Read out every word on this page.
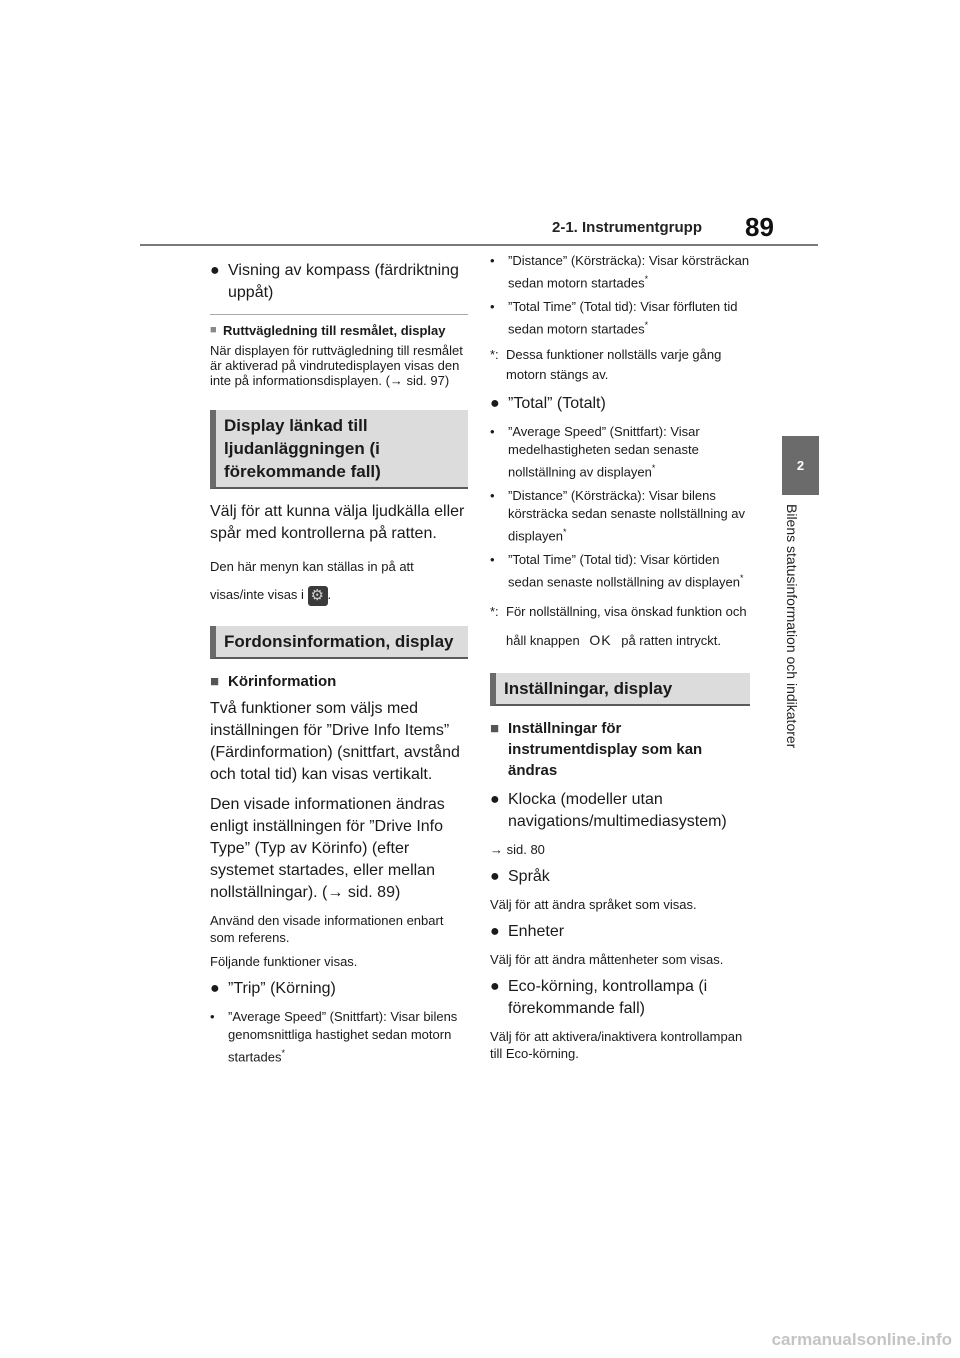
2-1. Instrumentgrupp 89
2
Bilens statusinformation och indikatorer
● Visning av kompass (färdriktning uppåt)
■ Ruttvägledning till resmålet, display

När displayen för ruttvägledning till resmålet är aktiverad på vindrutedisplayen visas den inte på informationsdisplayen. (→ sid. 97)

Display länkad till ljudanläggningen (i förekommande fall)

Välj för att kunna välja ljudkälla eller spår med kontrollerna på ratten.

Den här menyn kan ställas in på att visas/inte visas i ⚙ .

Fordonsinformation, display
■ Körinformation

Två funktioner som väljs med inställningen för ”Drive Info Items” (Färdinformation) (snittfart, avstånd och total tid) kan visas vertikalt.

Den visade informationen ändras enligt inställningen för ”Drive Info Type” (Typ av Körinfo) (efter systemet startades, eller mellan nollställningar). (→ sid. 89)

Använd den visade informationen enbart som referens.

Följande funktioner visas.

● ”Trip” (Körning)
•	”Average Speed” (Snittfart): Visar bilens genomsnittliga hastighet sedan motorn startades*
•	”Distance” (Körsträcka): Visar körsträckan sedan motorn startades*
•	”Total Time” (Total tid): Visar förfluten tid sedan motorn startades*
*: Dessa funktioner nollställs varje gång motorn stängs av.
● ”Total” (Totalt)
•	”Average Speed” (Snittfart): Visar medelhastigheten sedan senaste nollställning av displayen*
•	”Distance” (Körsträcka): Visar bilens körsträcka sedan senaste nollställning av displayen*
•	”Total Time” (Total tid): Visar körtiden sedan senaste nollställning av displayen*
*: För nollställning, visa önskad funktion och håll knappen OK på ratten intryckt.
Inställningar, display
■ Inställningar för instrumentdisplay som kan ändras
● Klocka (modeller utan navigations/multimediasystem)

→ sid. 80

● Språk

Välj för att ändra språket som visas.

● Enheter

Välj för att ändra måttenheter som visas.

● Eco-körning, kontrollampa (i förekommande fall)

Välj för att aktivera/inaktivera kontrollampan till Eco-körning.

carmanualsonline.info
